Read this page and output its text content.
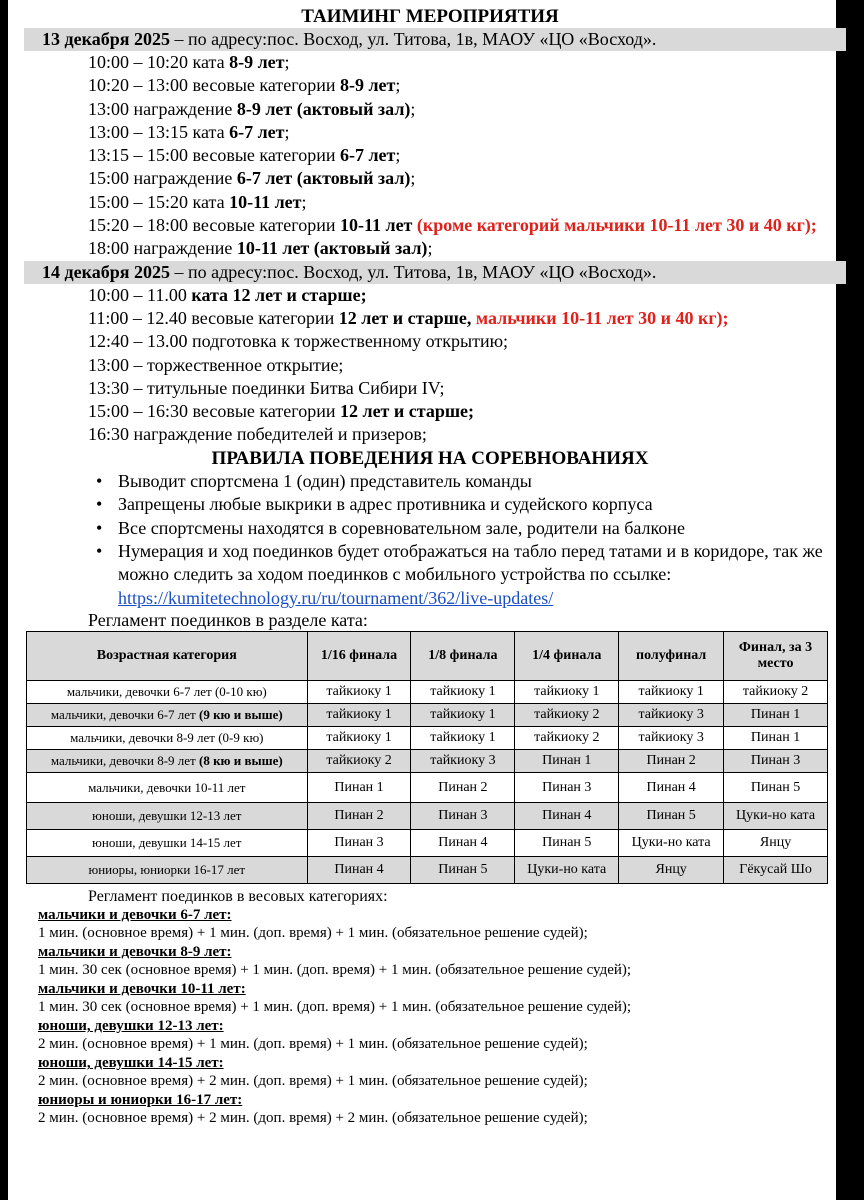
ТАИМИНГ МЕРОПРИЯТИЯ
13 декабря 2025 – по адресу:пос. Восход, ул. Титова, 1в, МАОУ «ЦО «Восход».
10:00 – 10:20 ката 8-9 лет;
10:20 – 13:00 весовые категории 8-9 лет;
13:00 награждение 8-9 лет (актовый зал);
13:00 – 13:15 ката 6-7 лет;
13:15 – 15:00 весовые категории 6-7 лет;
15:00 награждение 6-7 лет (актовый зал);
15:00 – 15:20 ката 10-11 лет;
15:20 – 18:00 весовые категории 10-11 лет (кроме категорий мальчики 10-11 лет 30 и 40 кг);
18:00 награждение 10-11 лет (актовый зал);
14 декабря 2025 – по адресу:пос. Восход, ул. Титова, 1в, МАОУ «ЦО «Восход».
10:00 – 11.00 ката 12 лет и старше;
11:00 – 12.40 весовые категории 12 лет и старше, мальчики 10-11 лет 30 и 40 кг);
12:40 – 13.00 подготовка к торжественному открытию;
13:00 – торжественное открытие;
13:30 – титульные поединки Битва Сибири IV;
15:00 – 16:30 весовые категории 12 лет и старше;
16:30 награждение победителей и призеров;
ПРАВИЛА ПОВЕДЕНИЯ НА СОРЕВНОВАНИЯХ
• Выводит спортсмена 1 (один) представитель команды
• Запрещены любые выкрики в адрес противника и судейского корпуса
• Все спортсмены находятся в соревновательном зале, родители на балконе
• Нумерация и ход поединков будет отображаться на табло перед татами и в коридоре, так же можно следить за ходом поединков с мобильного устройства по ссылке: https://kumitetechnology.ru/ru/tournament/362/live-updates/
Регламент поединков в разделе ката:
Возрастная категория	1/16 финала	1/8 финала	1/4 финала	полуфинал	Финал, за 3 место
мальчики, девочки 6-7 лет (0-10 кю)	тайкиоку 1	тайкиоку 1	тайкиоку 1	тайкиоку 1	тайкиоку 2
мальчики, девочки 6-7 лет (9 кю и выше)	тайкиоку 1	тайкиоку 1	тайкиоку 2	тайкиоку 3	Пинан 1
мальчики, девочки 8-9 лет (0-9 кю)	тайкиоку 1	тайкиоку 1	тайкиоку 2	тайкиоку 3	Пинан 1
мальчики, девочки 8-9 лет (8 кю и выше)	тайкиоку 2	тайкиоку 3	Пинан 1	Пинан 2	Пинан 3
мальчики, девочки 10-11 лет	Пинан 1	Пинан 2	Пинан 3	Пинан 4	Пинан 5
юноши, девушки 12-13 лет	Пинан 2	Пинан 3	Пинан 4	Пинан 5	Цуки-но ката
юноши, девушки 14-15 лет	Пинан 3	Пинан 4	Пинан 5	Цуки-но ката	Янцу
юниоры, юниорки 16-17 лет	Пинан 4	Пинан 5	Цуки-но ката	Янцу	Гёкусай Шо
Регламент поединков в весовых категориях:
мальчики и девочки 6-7 лет:
1 мин. (основное время) + 1 мин. (доп. время) + 1 мин. (обязательное решение судей);
мальчики и девочки 8-9 лет:
1 мин. 30 сек (основное время) + 1 мин. (доп. время) + 1 мин. (обязательное решение судей);
мальчики и девочки 10-11 лет:
1 мин. 30 сек (основное время) + 1 мин. (доп. время) + 1 мин. (обязательное решение судей);
юноши, девушки 12-13 лет:
2 мин. (основное время) + 1 мин. (доп. время) + 1 мин. (обязательное решение судей);
юноши, девушки 14-15 лет:
2 мин. (основное время) + 2 мин. (доп. время) + 1 мин. (обязательное решение судей);
юниоры и юниорки 16-17 лет:
2 мин. (основное время) + 2 мин. (доп. время) + 2 мин. (обязательное решение судей);
